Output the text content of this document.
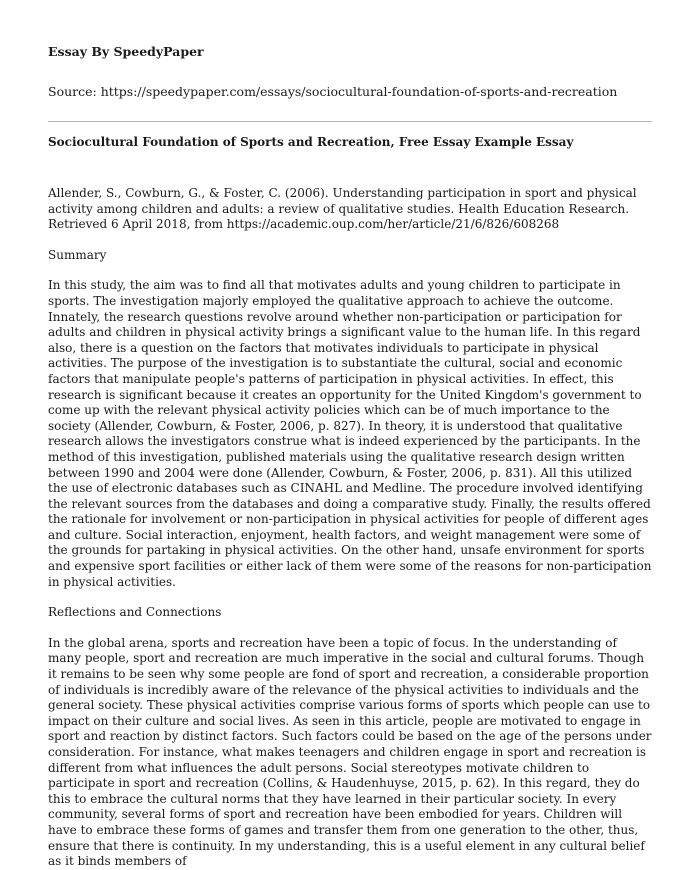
Essay By SpeedyPaper

Source: https://speedypaper.com/essays/sociocultural-foundation-of-sports-and-recreation

Sociocultural Foundation of Sports and Recreation, Free Essay Example Essay

Allender, S., Cowburn, G., & Foster, C. (2006). Understanding participation in sport and physical activity among children and adults: a review of qualitative studies. Health Education Research. Retrieved 6 April 2018, from https://academic.oup.com/her/article/21/6/826/608268

Summary

In this study, the aim was to find all that motivates adults and young children to participate in sports. The investigation majorly employed the qualitative approach to achieve the outcome. Innately, the research questions revolve around whether non-participation or participation for adults and children in physical activity brings a significant value to the human life. In this regard also, there is a question on the factors that motivates individuals to participate in physical activities. The purpose of the investigation is to substantiate the cultural, social and economic factors that manipulate people's patterns of participation in physical activities. In effect, this research is significant because it creates an opportunity for the United Kingdom's government to come up with the relevant physical activity policies which can be of much importance to the society (Allender, Cowburn, & Foster, 2006, p. 827). In theory, it is understood that qualitative research allows the investigators construe what is indeed experienced by the participants. In the method of this investigation, published materials using the qualitative research design written between 1990 and 2004 were done (Allender, Cowburn, & Foster, 2006, p. 831). All this utilized the use of electronic databases such as CINAHL and Medline. The procedure involved identifying the relevant sources from the databases and doing a comparative study. Finally, the results offered the rationale for involvement or non-participation in physical activities for people of different ages and culture. Social interaction, enjoyment, health factors, and weight management were some of the grounds for partaking in physical activities. On the other hand, unsafe environment for sports and expensive sport facilities or either lack of them were some of the reasons for non-participation in physical activities.

Reflections and Connections

In the global arena, sports and recreation have been a topic of focus. In the understanding of many people, sport and recreation are much imperative in the social and cultural forums. Though it remains to be seen why some people are fond of sport and recreation, a considerable proportion of individuals is incredibly aware of the relevance of the physical activities to individuals and the general society. These physical activities comprise various forms of sports which people can use to impact on their culture and social lives. As seen in this article, people are motivated to engage in sport and reaction by distinct factors. Such factors could be based on the age of the persons under consideration. For instance, what makes teenagers and children engage in sport and recreation is different from what influences the adult persons. Social stereotypes motivate children to participate in sport and recreation (Collins, & Haudenhuyse, 2015, p. 62). In this regard, they do this to embrace the cultural norms that they have learned in their particular society. In every community, several forms of sport and recreation have been embodied for years. Children will have to embrace these forms of games and transfer them from one generation to the other, thus, ensure that there is continuity. In my understanding, this is a useful element in any cultural belief as it binds members of
